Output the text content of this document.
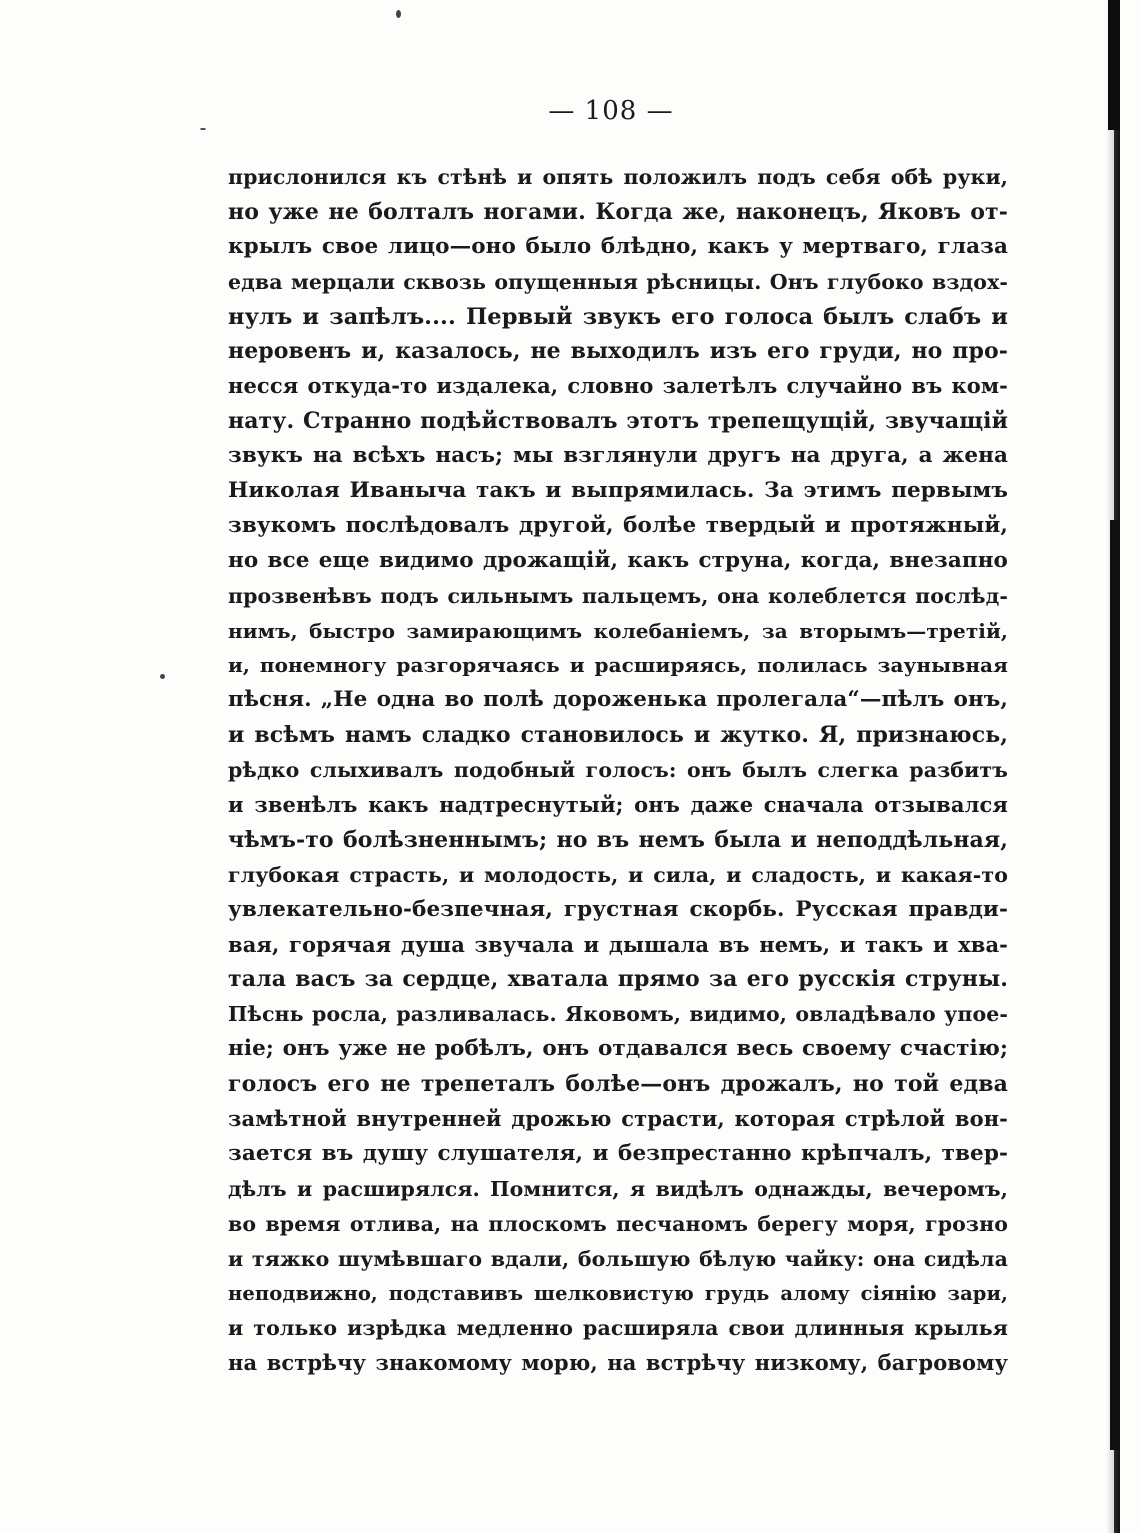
— 108 —
прислонился къ стѣнѣ и опять положилъ подъ себя обѣ руки,
но уже не болталъ ногами. Когда же, наконецъ, Яковъ от-
крылъ свое лицо—оно было блѣдно, какъ у мертваго, глаза
едва мерцали сквозь опущенныя рѣсницы. Онъ глубоко вздох-
нулъ и запѣлъ.... Первый звукъ его голоса былъ слабъ и
неровенъ и, казалось, не выходилъ изъ его груди, но про-
несся откуда-то издалека, словно залетѣлъ случайно въ ком-
нату. Странно подѣйствовалъ этотъ трепещущій, звучащій
звукъ на всѣхъ насъ; мы взглянули другъ на друга, а жена
Николая Иваныча такъ и выпрямилась. За этимъ первымъ
звукомъ послѣдовалъ другой, болѣе твердый и протяжный,
но все еще видимо дрожащій, какъ струна, когда, внезапно
прозвенѣвъ подъ сильнымъ пальцемъ, она колеблется послѣд-
нимъ, быстро замирающимъ колебаніемъ, за вторымъ—третій,
и, понемногу разгорячаясь и расширяясь, полилась заунывная
пѣсня. „Не одна во полѣ дороженька пролегала“—пѣлъ онъ,
и всѣмъ намъ сладко становилось и жутко. Я, признаюсь,
рѣдко слыхивалъ подобный голосъ: онъ былъ слегка разбитъ
и звенѣлъ какъ надтреснутый; онъ даже сначала отзывался
чѣмъ-то болѣзненнымъ; но въ немъ была и неподдѣльная,
глубокая страсть, и молодость, и сила, и сладость, и какая-то
увлекательно-безпечная, грустная скорбь. Русская правди-
вая, горячая душа звучала и дышала въ немъ, и такъ и хва-
тала васъ за сердце, хватала прямо за его русскія струны.
Пѣснь росла, разливалась. Яковомъ, видимо, овладѣвало упое-
ніе; онъ уже не робѣлъ, онъ отдавался весь своему счастію;
голосъ его не трепеталъ болѣе—онъ дрожалъ, но той едва
замѣтной внутренней дрожью страсти, которая стрѣлой вон-
зается въ душу слушателя, и безпрестанно крѣпчалъ, твер-
дѣлъ и расширялся. Помнится, я видѣлъ однажды, вечеромъ,
во время отлива, на плоскомъ песчаномъ берегу моря, грозно
и тяжко шумѣвшаго вдали, большую бѣлую чайку: она сидѣла
неподвижно, подставивъ шелковистую грудь алому сіянію зари,
и только изрѣдка медленно расширяла свои длинныя крылья
на встрѣчу знакомому морю, на встрѣчу низкому, багровому
